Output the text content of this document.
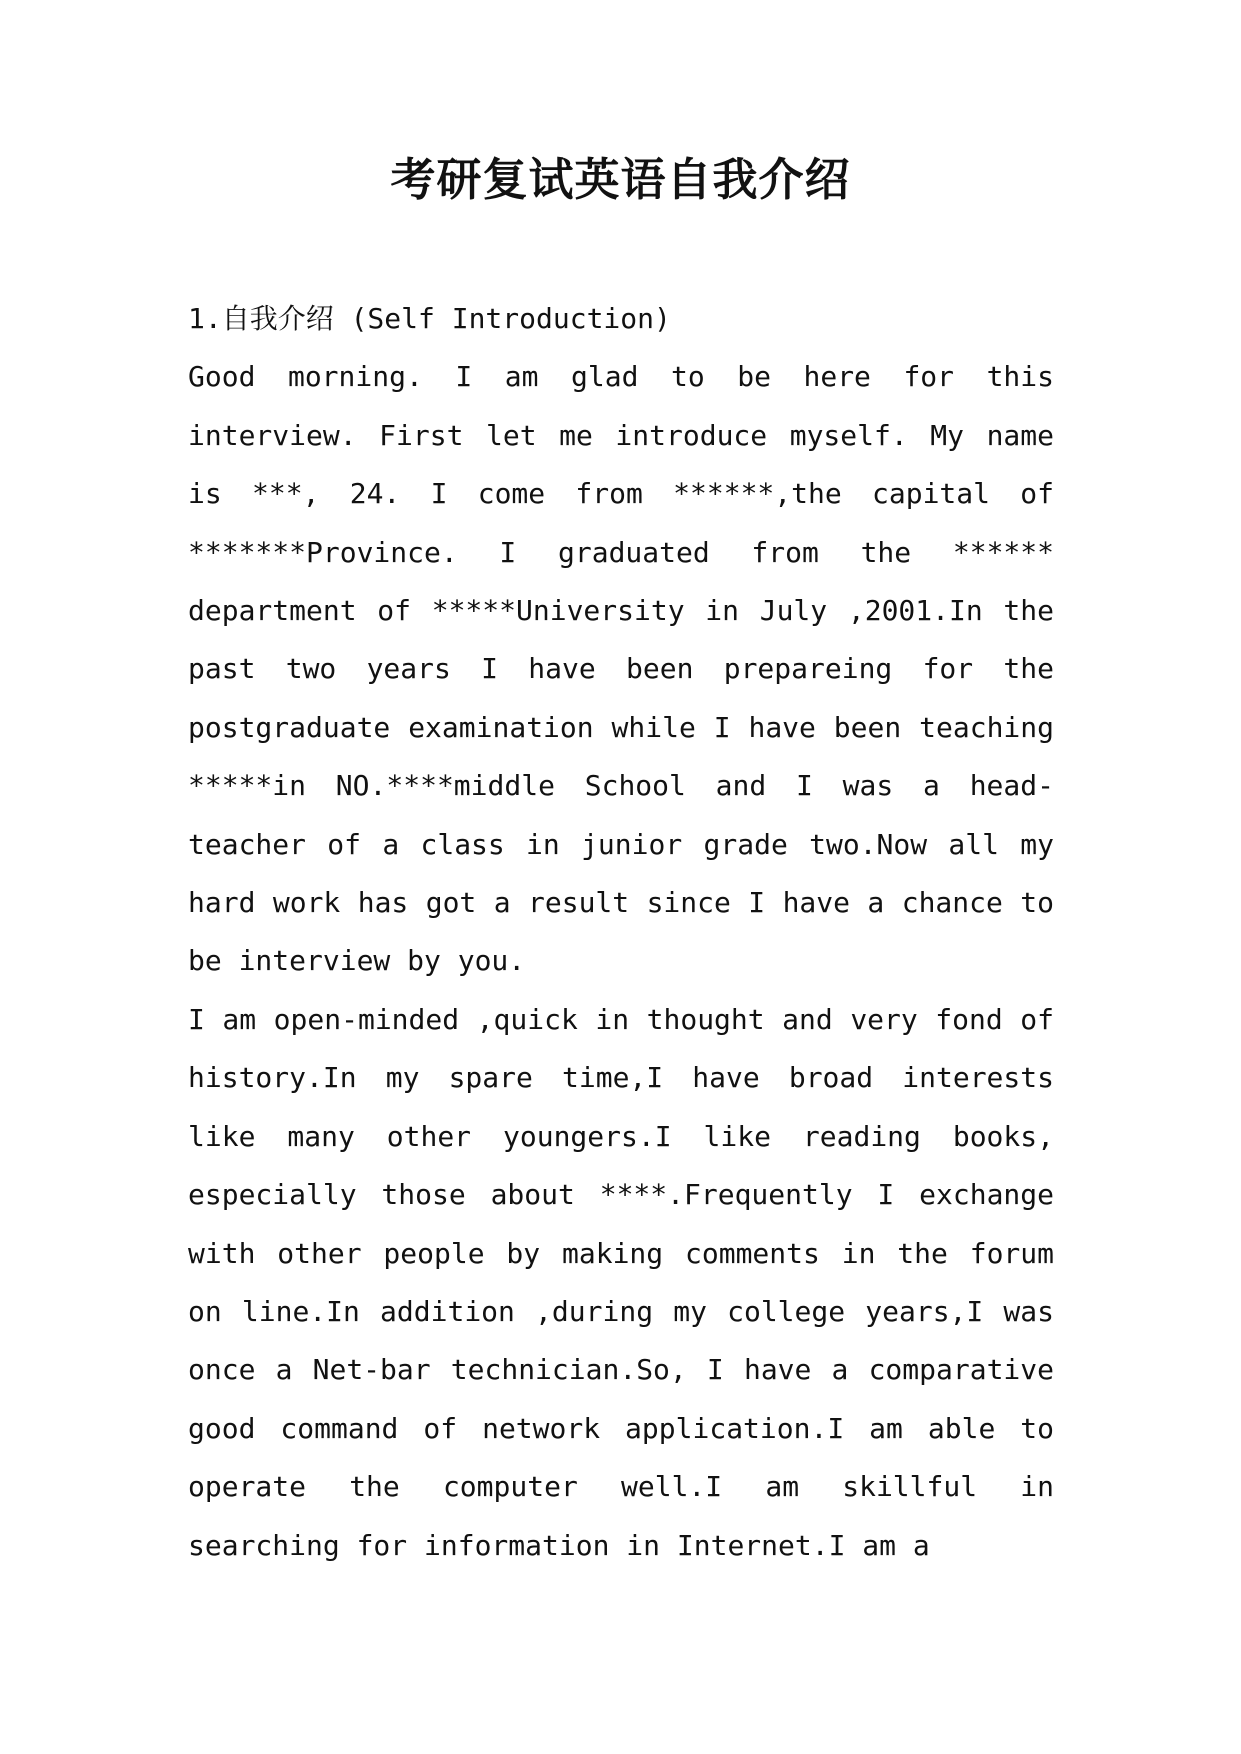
考研复试英语自我介绍
1.自我介绍 (Self Introduction)

Good morning. I am glad to be here for this interview. First let me introduce myself. My name is ***, 24. I come from ******,the capital of *******Province. I graduated from the ****** department of *****University in July ,2001.In the past two years I have been prepareing for the postgraduate examination while I have been teaching *****in NO.****middle School and I was a head-teacher of a class in junior grade two.Now all my hard work has got a result since I have a chance to be interview by you.

I am open-minded ,quick in thought and very fond of history.In my spare time,I have broad interests like many other youngers.I like reading books, especially those about ****.Frequently I exchange with other people by making comments in the forum on line.In addition ,during my college years,I was once a Net-bar technician.So, I have a comparative good command of network application.I am able to operate the computer well.I am skillful in searching for information in Internet.I am a
